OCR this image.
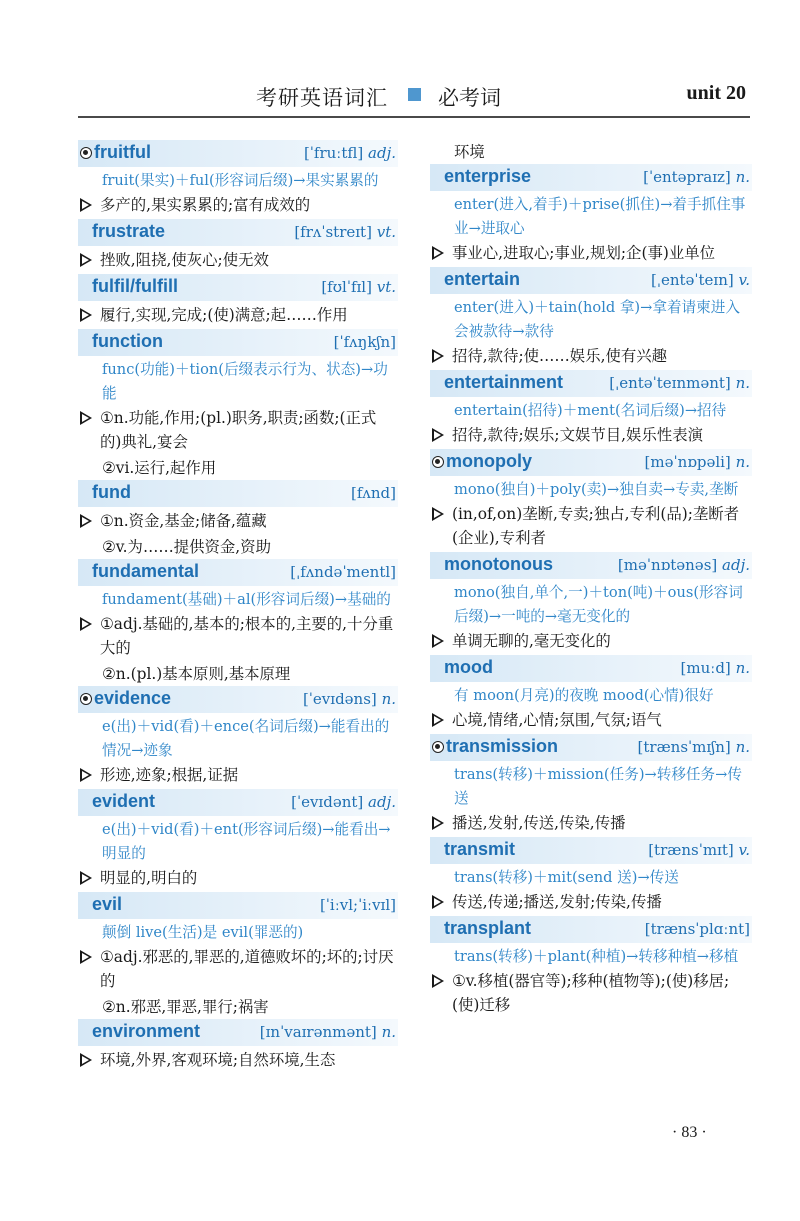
考研英语词汇 必考词	unit 20
fruitful	[ˈfruːtfl] adj.
fruit(果实)＋ful(形容词后缀)→果实累累的
多产的,果实累累的;富有成效的
frustrate	[frʌˈstreɪt] vt.
挫败,阻挠,使灰心;使无效
fulfil/fulfill	[fʊlˈfɪl] vt.
履行,实现,完成;(使)满意;起……作用
function	[ˈfʌŋkʃn]
func(功能)＋tion(后缀表示行为、状态)→功能
①n.功能,作用;(pl.)职务,职责;函数;(正式的)典礼,宴会
②vi.运行,起作用
fund	[fʌnd]
①n.资金,基金;储备,蕴藏
②v.为……提供资金,资助
fundamental	[ˌfʌndəˈmentl]
fundament(基础)＋al(形容词后缀)→基础的
①adj.基础的,基本的;根本的,主要的,十分重大的
②n.(pl.)基本原则,基本原理
evidence	[ˈevɪdəns] n.
e(出)＋vid(看)＋ence(名词后缀)→能看出的情况→迹象
形迹,迹象;根据,证据
evident	[ˈevɪdənt] adj.
e(出)＋vid(看)＋ent(形容词后缀)→能看出→明显的
明显的,明白的
evil	[ˈiːvl;ˈiːvɪl]
颠倒 live(生活)是 evil(罪恶的)
①adj.邪恶的,罪恶的,道德败坏的;坏的;讨厌的
②n.邪恶,罪恶,罪行;祸害
environment	[ɪnˈvaɪrənmənt] n.
环境,外界,客观环境;自然环境,生态
环境
enterprise	[ˈentəpraɪz] n.
enter(进入,着手)＋prise(抓住)→着手抓住事业→进取心
事业心,进取心;事业,规划;企(事)业单位
entertain	[ˌentəˈteɪn] v.
enter(进入)＋tain(hold 拿)→拿着请柬进入会被款待→款待
招待,款待;使……娱乐,使有兴趣
entertainment	[ˌentəˈteɪnmənt] n.
entertain(招待)＋ment(名词后缀)→招待
招待,款待;娱乐;文娱节目,娱乐性表演
monopoly	[məˈnɒpəli] n.
mono(独自)＋poly(卖)→独自卖→专卖,垄断
(in,of,on)垄断,专卖;独占,专利(品);垄断者(企业),专利者
monotonous	[məˈnɒtənəs] adj.
mono(独自,单个,一)＋ton(吨)＋ous(形容词后缀)→一吨的→毫无变化的
单调无聊的,毫无变化的
mood	[muːd] n.
有 moon(月亮)的夜晚 mood(心情)很好
心境,情绪,心情;氛围,气氛;语气
transmission	[trænsˈmɪʃn] n.
trans(转移)＋mission(任务)→转移任务→传送
播送,发射,传送,传染,传播
transmit	[trænsˈmɪt] v.
trans(转移)＋mit(send 送)→传送
传送,传递;播送,发射;传染,传播
transplant	[trænsˈplɑːnt]
trans(转移)＋plant(种植)→转移种植→移植
①v.移植(器官等);移种(植物等);(使)移居;(使)迁移
· 83 ·
